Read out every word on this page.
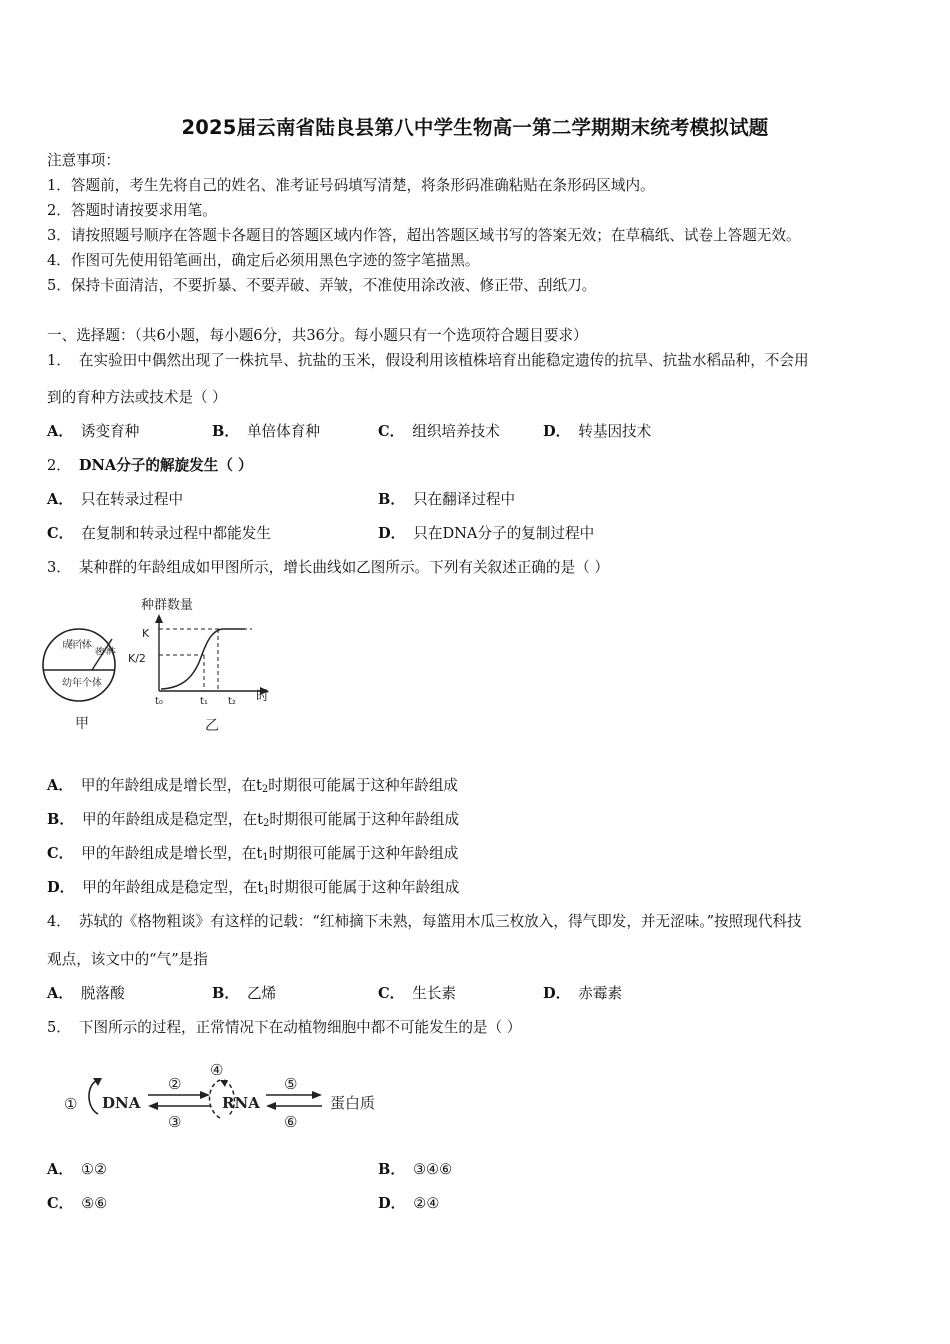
2025届云南省陆良县第八中学生物高一第二学期期末统考模拟试题
注意事项：
1．答题前，考生先将自己的姓名、准考证号码填写清楚，将条形码准确粘贴在条形码区域内。
2．答题时请按要求用笔。
3．请按照题号顺序在答题卡各题目的答题区域内作答，超出答题区域书写的答案无效；在草稿纸、试卷上答题无效。
4．作图可先使用铅笔画出，确定后必须用黑色字迹的签字笔描黑。
5．保持卡面清洁，不要折暴、不要弄破、弄皱，不准使用涂改液、修正带、刮纸刀。
一、选择题：（共6小题，每小题6分，共36分。每小题只有一个选项符合题目要求）
1． 在实验田中偶然出现了一株抗旱、抗盐的玉米，假设利用该植株培育出能稳定遗传的抗旱、抗盐水稻品种，不会用
到的育种方法或技术是（ ）
A． 诱变育种	B． 单倍体育种	C． 组织培养技术	D． 转基因技术
2． DNA分子的解旋发生（ ）
A． 只在转录过程中	B． 只在翻译过程中
C． 在复制和转录过程中都能发生	D． 只在DNA分子的复制过程中
3． 某种群的年龄组成如甲图所示，增长曲线如乙图所示。下列有关叙述正确的是（ ）
成年个体
老年个体
幼年个体
甲
种群数量
K
K/2
t₀	t₁ t₂ 时
乙
A． 甲的年龄组成是增长型，在$t_2$时期很可能属于这种年龄组成
B． 甲的年龄组成是稳定型，在$t_2$时期很可能属于这种年龄组成
C． 甲的年龄组成是增长型，在$t_1$时期很可能属于这种年龄组成
D． 甲的年龄组成是稳定型，在$t_1$时期很可能属于这种年龄组成
4． 苏轼的《格物粗谈》有这样的记载：“红柿摘下未熟，每篮用木瓜三枚放入，得气即发，并无涩味。”按照现代科技
观点，该文中的“气”是指
A． 脱落酸	B． 乙烯	C． 生长素	D． 赤霉素
5． 下图所示的过程，正常情况下在动植物细胞中都不可能发生的是（ ）
① DNA
②
③
④
RNA
⑤
⑥
蛋白质
A． ①②	B． ③④⑥
C． ⑤⑥	D． ②④
